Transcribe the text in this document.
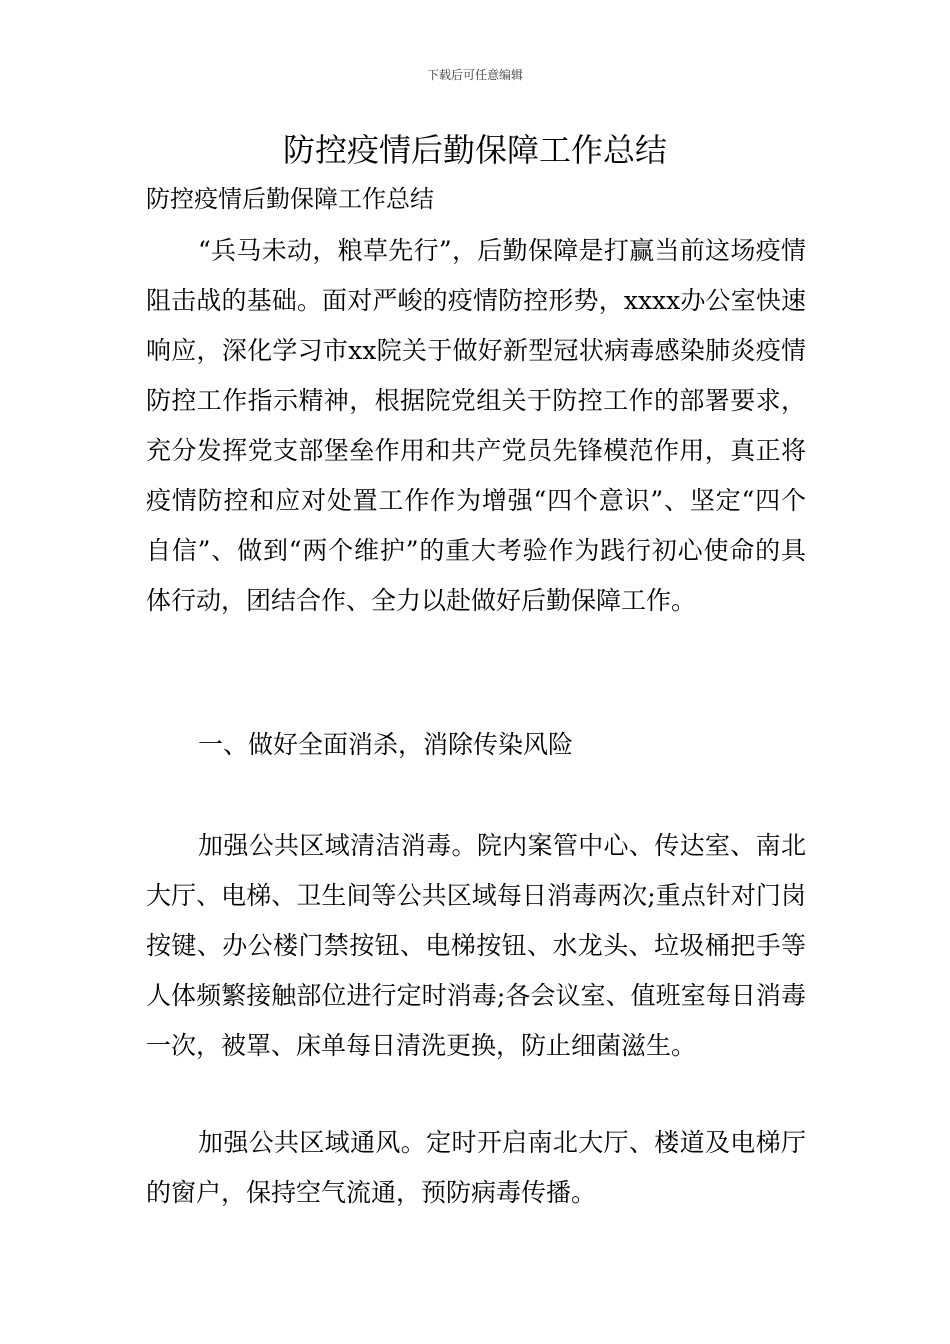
下载后可任意编辑
防控疫情后勤保障工作总结
防控疫情后勤保障工作总结
“兵马未动，粮草先行”，后勤保障是打赢当前这场疫情阻击战的基础。面对严峻的疫情防控形势，xxxx办公室快速响应，深化学习市xx院关于做好新型冠状病毒感染肺炎疫情防控工作指示精神，根据院党组关于防控工作的部署要求，充分发挥党支部堡垒作用和共产党员先锋模范作用，真正将疫情防控和应对处置工作作为增强“四个意识”、坚定“四个自信”、做到“两个维护”的重大考验作为践行初心使命的具体行动，团结合作、全力以赴做好后勤保障工作。
一、做好全面消杀，消除传染风险
加强公共区域清洁消毒。院内案管中心、传达室、南北大厅、电梯、卫生间等公共区域每日消毒两次;重点针对门岗按键、办公楼门禁按钮、电梯按钮、水龙头、垃圾桶把手等人体频繁接触部位进行定时消毒;各会议室、值班室每日消毒一次，被罩、床单每日清洗更换，防止细菌滋生。
加强公共区域通风。定时开启南北大厅、楼道及电梯厅的窗户，保持空气流通，预防病毒传播。
